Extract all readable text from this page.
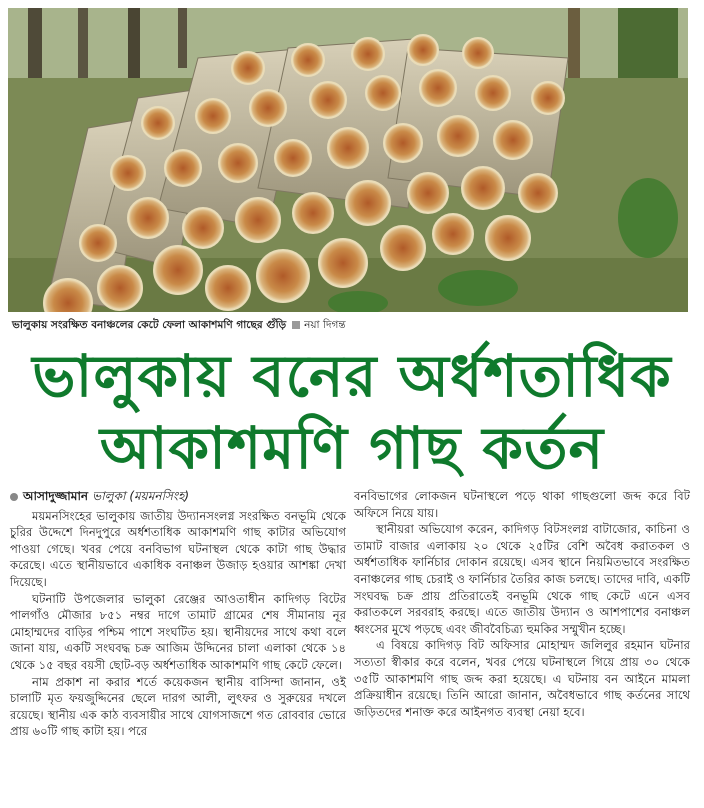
ভালুকায় সংরক্ষিত বনাঞ্চলের কেটে ফেলা আকাশমণি গাছের গুঁড়ি নয়া দিগন্ত
ভালুকায় বনের অর্ধশতাধিক
আকাশমণি গাছ কর্তন
আসাদুজ্জামান ভালুকা (ময়মনসিংহ)

ময়মনসিংহের ভালুকায় জাতীয় উদ্যানসংলগ্ন সংরক্ষিত বনভূমি থেকে চুরির উদ্দেশে দিনদুপুরে অর্ধশতাধিক আকাশমণি গাছ কাটার অভিযোগ পাওয়া গেছে। খবর পেয়ে বনবিভাগ ঘটনাস্থল থেকে কাটা গাছ উদ্ধার করেছে। এতে স্থানীয়ভাবে একাধিক বনাঞ্চল উজাড় হওয়ার আশঙ্কা দেখা দিয়েছে।

ঘটনাটি উপজেলার ভালুকা রেঞ্জের আওতাধীন কাদিগড় বিটের পালগাঁও মৌজার ৮৫১ নম্বর দাগে তামাট গ্রামের শেষ সীমানায় নূর মোহাম্মদের বাড়ির পশ্চিম পাশে সংঘটিত হয়। স্থানীয়দের সাথে কথা বলে জানা যায়, একটি সংঘবদ্ধ চক্র আজিম উদ্দিনের চালা এলাকা থেকে ১৪ থেকে ১৫ বছর বয়সী ছোট-বড় অর্ধশতাধিক আকাশমণি গাছ কেটে ফেলে।

নাম প্রকাশ না করার শর্তে কয়েকজন স্থানীয় বাসিন্দা জানান, ওই চালাটি মৃত ফয়জুদ্দিনের ছেলে দারগ আলী, লুৎফর ও সুরুয়ের দখলে রয়েছে। স্থানীয় এক কাঠ ব্যবসায়ীর সাথে যোগসাজশে গত রোববার ভোরে প্রায় ৬০টি গাছ কাটা হয়। পরে

বনবিভাগের লোকজন ঘটনাস্থলে পড়ে থাকা গাছগুলো জব্দ করে বিট অফিসে নিয়ে যায়।

স্থানীয়রা অভিযোগ করেন, কাদিগড় বিটসংলগ্ন বাটাজোর, কাচিনা ও তামাট বাজার এলাকায় ২০ থেকে ২৫টির বেশি অবৈধ করাতকল ও অর্ধশতাধিক ফার্নিচার দোকান রয়েছে। এসব স্থানে নিয়মিতভাবে সংরক্ষিত বনাঞ্চলের গাছ চেরাই ও ফার্নিচার তৈরির কাজ চলছে। তাদের দাবি, একটি সংঘবদ্ধ চক্র প্রায় প্রতিরাতেই বনভূমি থেকে গাছ কেটে এনে এসব করাতকলে সরবরাহ করছে। এতে জাতীয় উদ্যান ও আশপাশের বনাঞ্চল ধ্বংসের মুখে পড়ছে এবং জীববৈচিত্র্য হুমকির সম্মুখীন হচ্ছে।

এ বিষয়ে কাদিগড় বিট অফিসার মোহাম্মদ জলিলুর রহমান ঘটনার সত্যতা স্বীকার করে বলেন, খবর পেয়ে ঘটনাস্থলে গিয়ে প্রায় ৩০ থেকে ৩৫টি আকাশমণি গাছ জব্দ করা হয়েছে। এ ঘটনায় বন আইনে মামলা প্রক্রিয়াধীন রয়েছে। তিনি আরো জানান, অবৈধভাবে গাছ কর্তনের সাথে জড়িতদের শনাক্ত করে আইনগত ব্যবস্থা নেয়া হবে।
